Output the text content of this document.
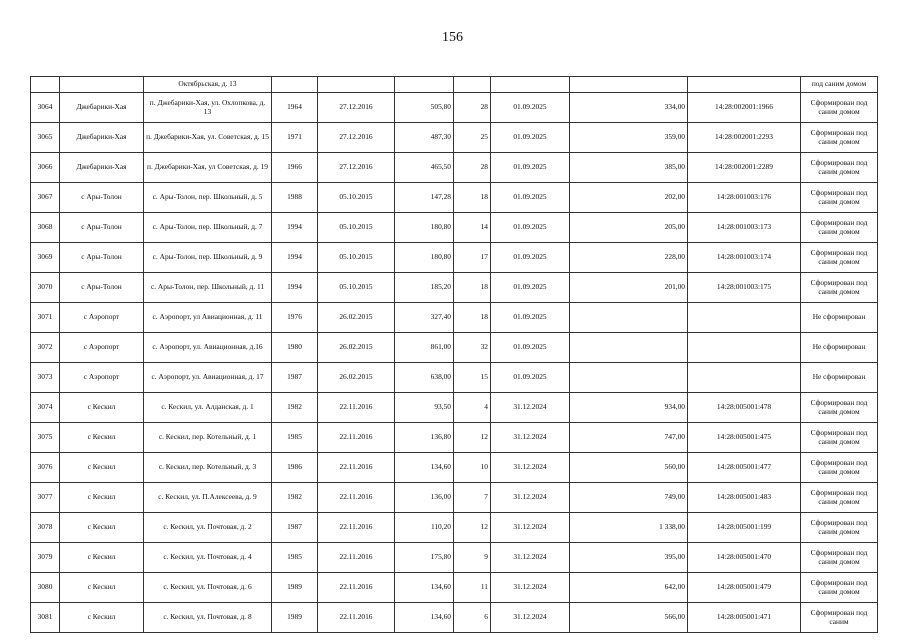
156
		Октябрьская, д. 13								под саним домом
3064	Джебарики-Хая	п. Джебарики-Хая, ул. Охлопкова, д. 13	1964	27.12.2016	505,80	28	01.09.2025	334,00	14:28:002001:1966	Сформирован под саним домом
3065	Джебарики-Хая	п. Джебарики-Хая, ул. Советская, д. 15	1971	27.12.2016	487,30	25	01.09.2025	359,00	14:28:002001:2293	Сформирован под саним домом
3066	Джебарики-Хая	п. Джебарики-Хая, ул Советская, д. 19	1966	27.12.2016	465,50	28	01.09.2025	385,00	14:28:002001:2289	Сформирован под саним домом
3067	с Ары-Толон	с. Ары-Толон, пер. Школьный, д. 5	1988	05.10.2015	147,28	18	01.09.2025	202,00	14:28:001003:176	Сформирован под саним домом
3068	с Ары-Толон	с. Ары-Толон, пер. Школьный, д. 7	1994	05.10.2015	180,80	14	01.09.2025	205,00	14:28:001003:173	Сформирован под саним домом
3069	с Ары-Толон	с. Ары-Толон, пер. Школьный, д. 9	1994	05.10.2015	180,80	17	01.09.2025	228,00	14:28:001003:174	Сформирован под саним домом
3070	с Ары-Толон	с. Ары-Толон, пер. Школьный, д. 11	1994	05.10.2015	185,20	18	01.09.2025	201,00	14:28:001003:175	Сформирован под саним домом
3071	с Аэропорт	с. Аэропорт, ул Авиационная, д. 11	1976	26.02.2015	327,40	18	01.09.2025			Не сформирован
3072	с Аэропорт	с. Аэропорт, ул. Авиационная, д.16	1980	26.02.2015	861,00	32	01.09.2025			Не сформирован
3073	с Аэропорт	с. Аэропорт, ул. Авиационная, д. 17	1987	26.02.2015	638,00	15	01.09.2025			Не сформирован
3074	с Кескил	с. Кескил, ул. Алданская, д. 1	1982	22.11.2016	93,50	4	31.12.2024	934,00	14:28:005001:478	Сформирован под саним домом
3075	с Кескил	с. Кескил, пер. Котельный, д. 1	1985	22.11.2016	136,80	12	31.12.2024	747,00	14:28:005001:475	Сформирован под саним домом
3076	с Кескил	с. Кескил, пер. Котельный, д. 3	1986	22.11.2016	134,60	10	31.12.2024	560,00	14:28:005001:477	Сформирован под саним домом
3077	с Кескил	с. Кескил, ул. П.Алексеева, д. 9	1982	22.11.2016	136,00	7	31.12.2024	749,00	14:28:005001:483	Сформирован под саним домом
3078	с Кескил	с. Кескил, ул. Почтовая, д. 2	1987	22.11.2016	110,20	12	31.12.2024	1 338,00	14:28:005001:199	Сформирован под саним домом
3079	с Кескил	с. Кескил, ул. Почтовая, д. 4	1985	22.11.2016	175,80	9	31.12.2024	395,00	14:28:005001:470	Сформирован под саним домом
3080	с Кескил	с. Кескил, ул. Почтовая, д. 6	1989	22.11.2016	134,60	11	31.12.2024	642,00	14:28:005001:479	Сформирован под саним домом
3081	с Кескил	с. Кескил, ул. Почтовая, д. 8	1989	22.11.2016	134,60	6	31.12.2024	566,00	14:28:005001:471	Сформирован под саним
